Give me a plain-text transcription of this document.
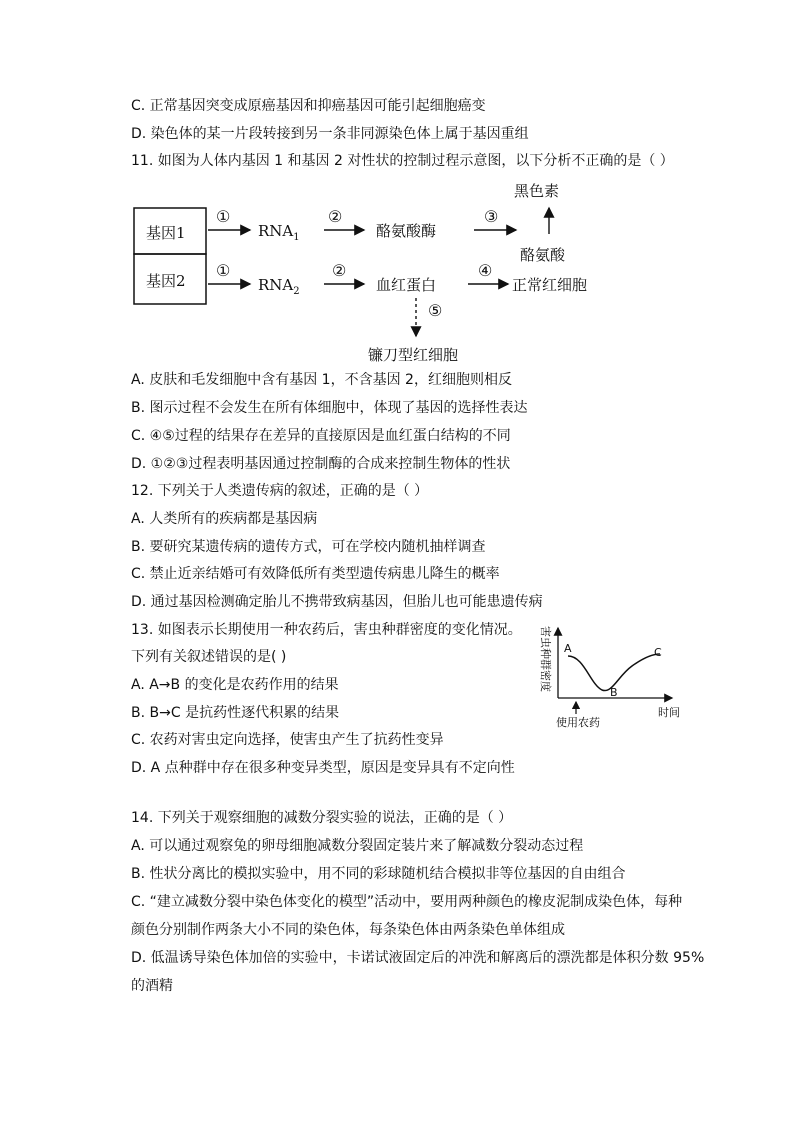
C. 正常基因突变成原癌基因和抑癌基因可能引起细胞癌变
D. 染色体的某一片段转接到另一条非同源染色体上属于基因重组
11. 如图为人体内基因 1 和基因 2 对性状的控制过程示意图，以下分析不正确的是（ ）
基因1
基因2
①
$RNA_1$
②
酪氨酸酶
③
黑色素
酪氨酸
①
$RNA_2$
②
血红蛋白
④
正常红细胞
⑤
镰刀型红细胞
A. 皮肤和毛发细胞中含有基因 1，不含基因 2，红细胞则相反
B. 图示过程不会发生在所有体细胞中，体现了基因的选择性表达
C. ④⑤过程的结果存在差异的直接原因是血红蛋白结构的不同
D. ①②③过程表明基因通过控制酶的合成来控制生物体的性状
12. 下列关于人类遗传病的叙述，正确的是（ ）
A. 人类所有的疾病都是基因病
B. 要研究某遗传病的遗传方式，可在学校内随机抽样调查
C. 禁止近亲结婚可有效降低所有类型遗传病患儿降生的概率
D. 通过基因检测确定胎儿不携带致病基因，但胎儿也可能患遗传病
13. 如图表示长期使用一种农药后，害虫种群密度的变化情况。
下列有关叙述错误的是( )
A. A→B 的变化是农药作用的结果
B. B→C 是抗药性逐代积累的结果
C. 农药对害虫定向选择，使害虫产生了抗药性变异
D. A 点种群中存在很多种变异类型，原因是变异具有不定向性
害虫种群密度 A
B
C
使用农药
时间
14. 下列关于观察细胞的减数分裂实验的说法，正确的是（ ）
A. 可以通过观察兔的卵母细胞减数分裂固定装片来了解减数分裂动态过程
B. 性状分离比的模拟实验中，用不同的彩球随机结合模拟非等位基因的自由组合
C. “建立减数分裂中染色体变化的模型”活动中，要用两种颜色的橡皮泥制成染色体，每种
颜色分别制作两条大小不同的染色体，每条染色体由两条染色单体组成
D. 低温诱导染色体加倍的实验中，卡诺试液固定后的冲洗和解离后的漂洗都是体积分数 95%
的酒精
